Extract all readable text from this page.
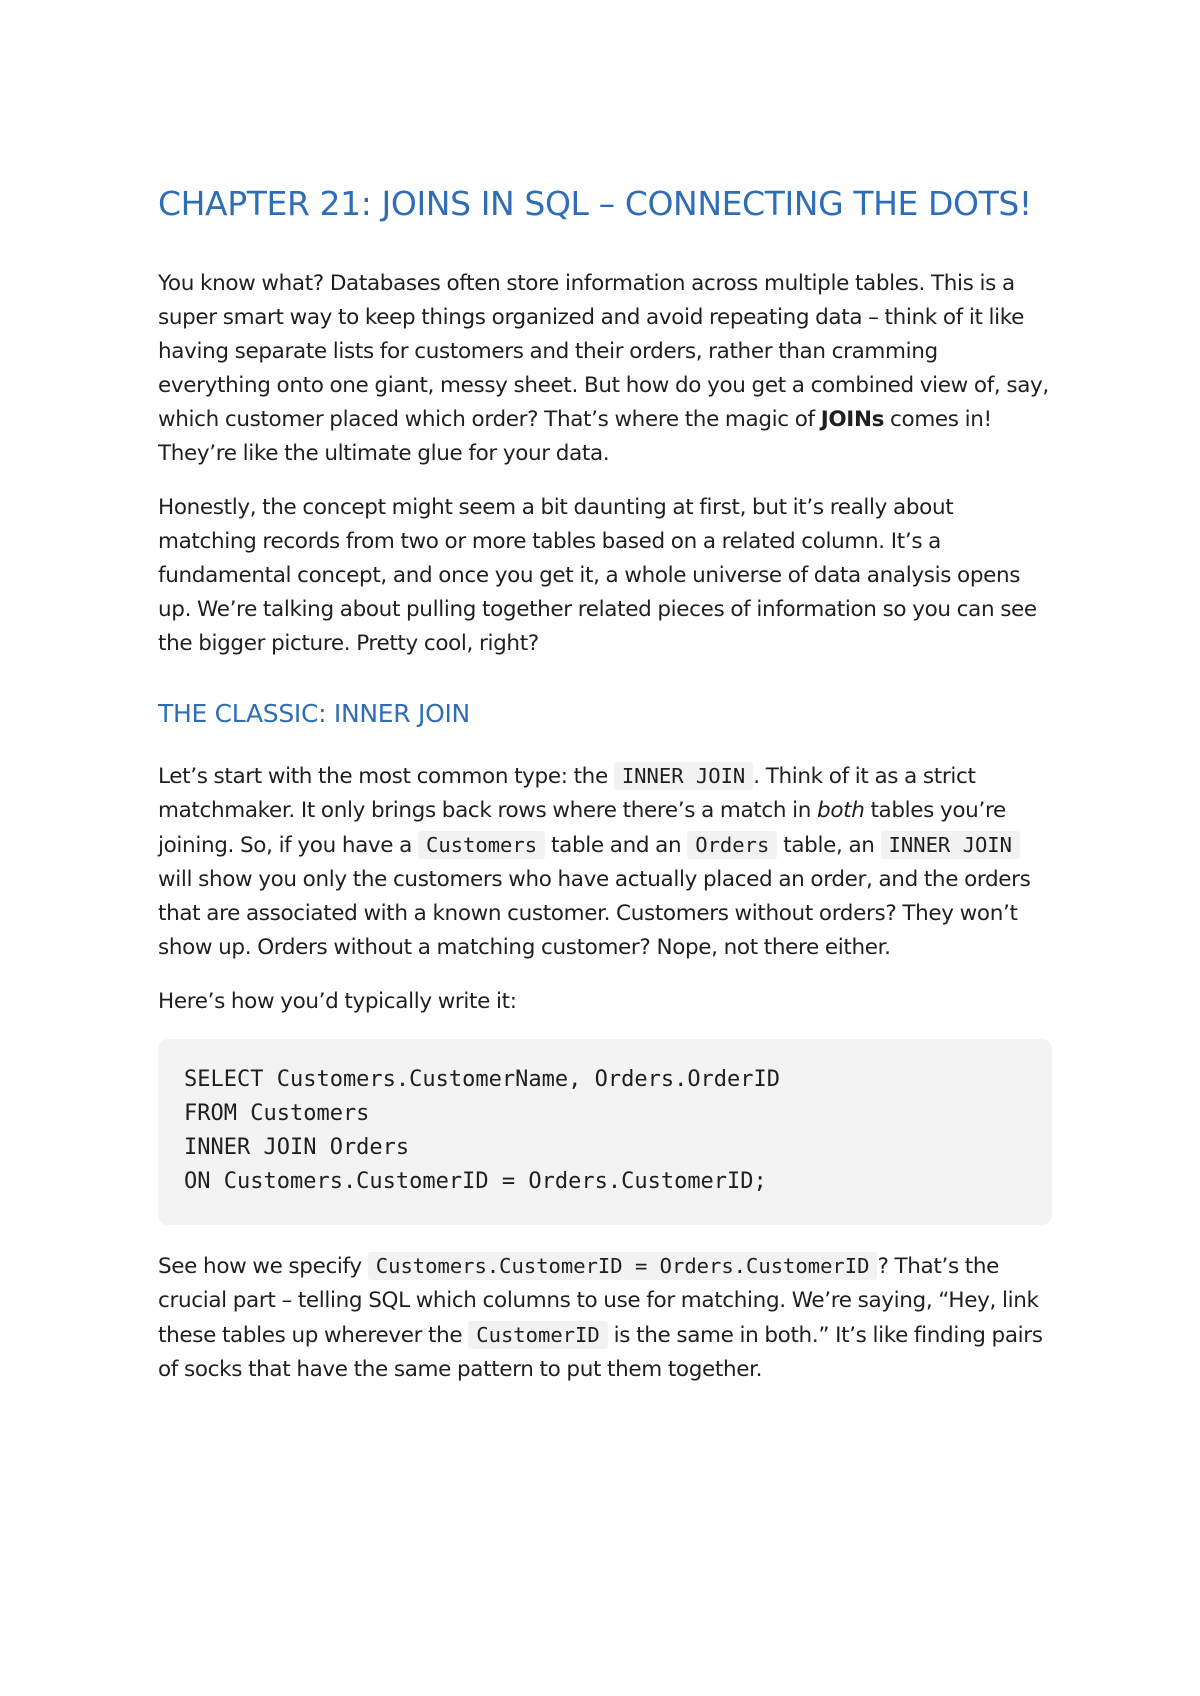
CHAPTER 21: JOINS IN SQL – CONNECTING THE DOTS!

You know what? Databases often store information across multiple tables. This is a super smart way to keep things organized and avoid repeating data – think of it like having separate lists for customers and their orders, rather than cramming everything onto one giant, messy sheet. But how do you get a combined view of, say, which customer placed which order? That’s where the magic of JOINs comes in! They’re like the ultimate glue for your data.

Honestly, the concept might seem a bit daunting at first, but it’s really about matching records from two or more tables based on a related column. It’s a fundamental concept, and once you get it, a whole universe of data analysis opens up. We’re talking about pulling together related pieces of information so you can see the bigger picture. Pretty cool, right?

THE CLASSIC: INNER JOIN

Let’s start with the most common type: the INNER JOIN . Think of it as a strict matchmaker. It only brings back rows where there’s a match in both tables you’re joining. So, if you have a Customers table and an Orders table, an INNER JOIN will show you only the customers who have actually placed an order, and the orders that are associated with a known customer. Customers without orders? They won’t show up. Orders without a matching customer? Nope, not there either.

Here’s how you’d typically write it:

SELECT Customers.CustomerName, Orders.OrderID
FROM Customers
INNER JOIN Orders
ON Customers.CustomerID = Orders.CustomerID;

See how we specify Customers.CustomerID = Orders.CustomerID ? That’s the crucial part – telling SQL which columns to use for matching. We’re saying, “Hey, link these tables up wherever the CustomerID is the same in both.” It’s like finding pairs of socks that have the same pattern to put them together.
